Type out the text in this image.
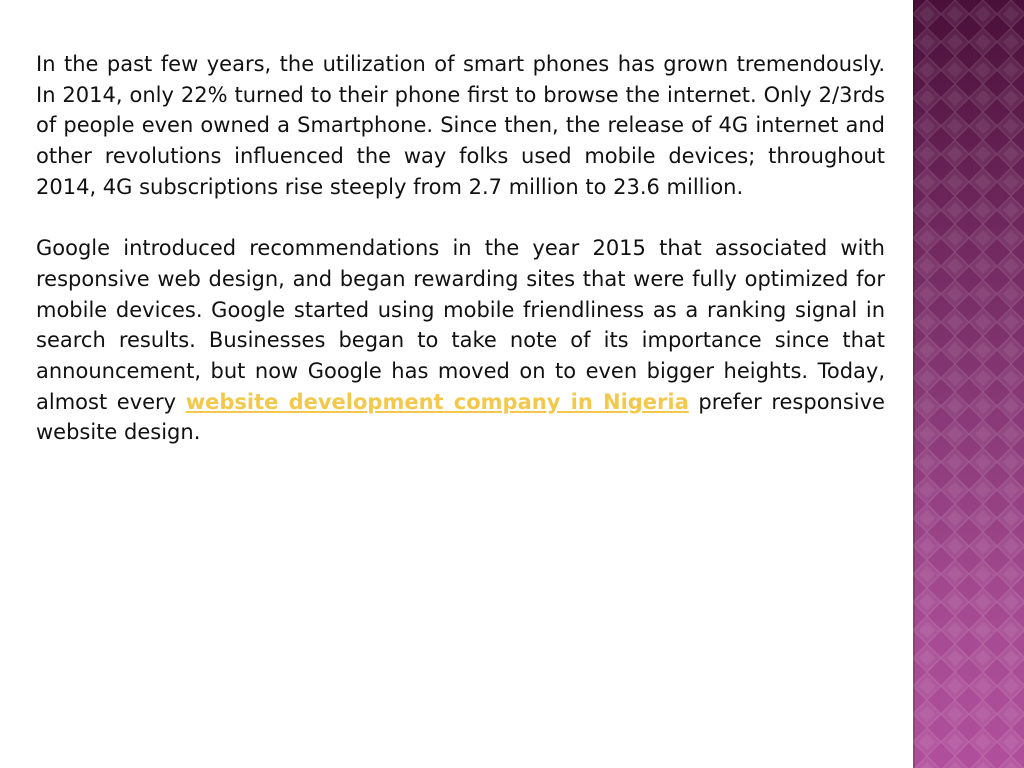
In the past few years, the utilization of smart phones has grown tremendously. In 2014, only 22% turned to their phone first to browse the internet. Only 2/3rds of people even owned a Smartphone. Since then, the release of 4G internet and other revolutions influenced the way folks used mobile devices; throughout 2014, 4G subscriptions rise steeply from 2.7 million to 23.6 million.

Google introduced recommendations in the year 2015 that associated with responsive web design, and began rewarding sites that were fully optimized for mobile devices. Google started using mobile friendliness as a ranking signal in search results. Businesses began to take note of its importance since that announcement, but now Google has moved on to even bigger heights. Today, almost every website development company in Nigeria prefer responsive website design.
